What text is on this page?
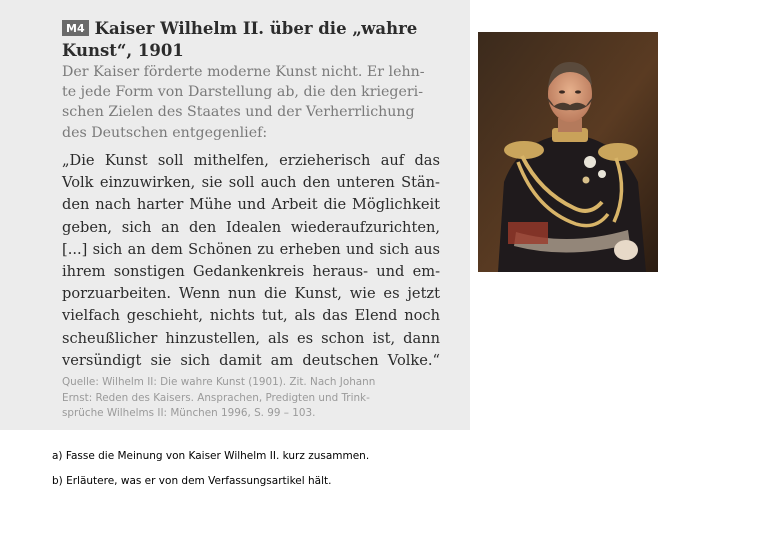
M4 Kaiser Wilhelm II. über die „wahre
Kunst“, 1901
Der Kaiser förderte moderne Kunst nicht. Er lehn-
te jede Form von Darstellung ab, die den kriegeri-
schen Zielen des Staates und der Verherrlichung
des Deutschen entgegenlief:
„Die Kunst soll mithelfen, erzieherisch auf das
Volk einzuwirken, sie soll auch den unteren Stän-
den nach harter Mühe und Arbeit die Möglichkeit
geben, sich an den Idealen wiederaufzurichten,
[...] sich an dem Schönen zu erheben und sich aus
ihrem sonstigen Gedankenkreis heraus- und em-
porzuarbeiten. Wenn nun die Kunst, wie es jetzt
vielfach geschieht, nichts tut, als das Elend noch
scheußlicher hinzustellen, als es schon ist, dann
versündigt sie sich damit am deutschen Volke.“
Quelle: Wilhelm II: Die wahre Kunst (1901). Zit. Nach Johann
Ernst: Reden des Kaisers. Ansprachen, Predigten und Trink-
sprüche Wilhelms II: München 1996, S. 99 – 103.
a) Fasse die Meinung von Kaiser Wilhelm II. kurz zusammen.
b) Erläutere, was er von dem Verfassungsartikel hält.
